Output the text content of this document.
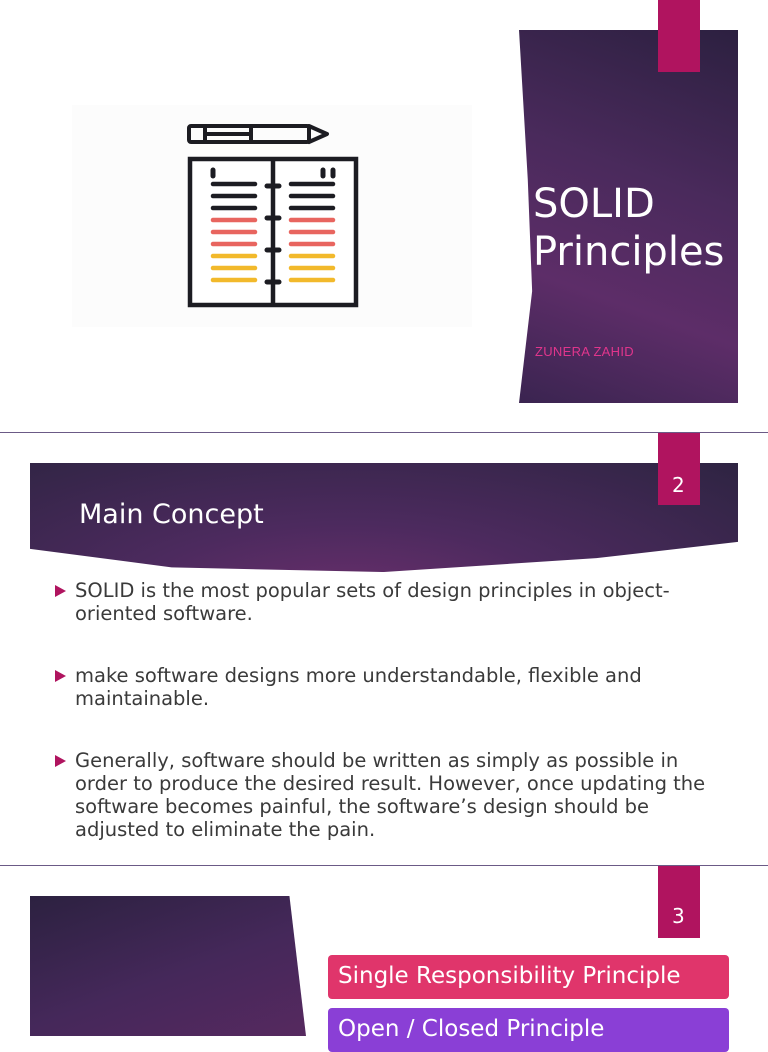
SOLID
Principles
ZUNERA ZAHID
2
Main Concept
SOLID is the most popular sets of design principles in object-oriented software.
make software designs more understandable, flexible and maintainable.
Generally, software should be written as simply as possible in order to produce the desired result. However, once updating the software becomes painful, the software’s design should be adjusted to eliminate the pain.
3
Single Responsibility Principle
Open / Closed Principle
